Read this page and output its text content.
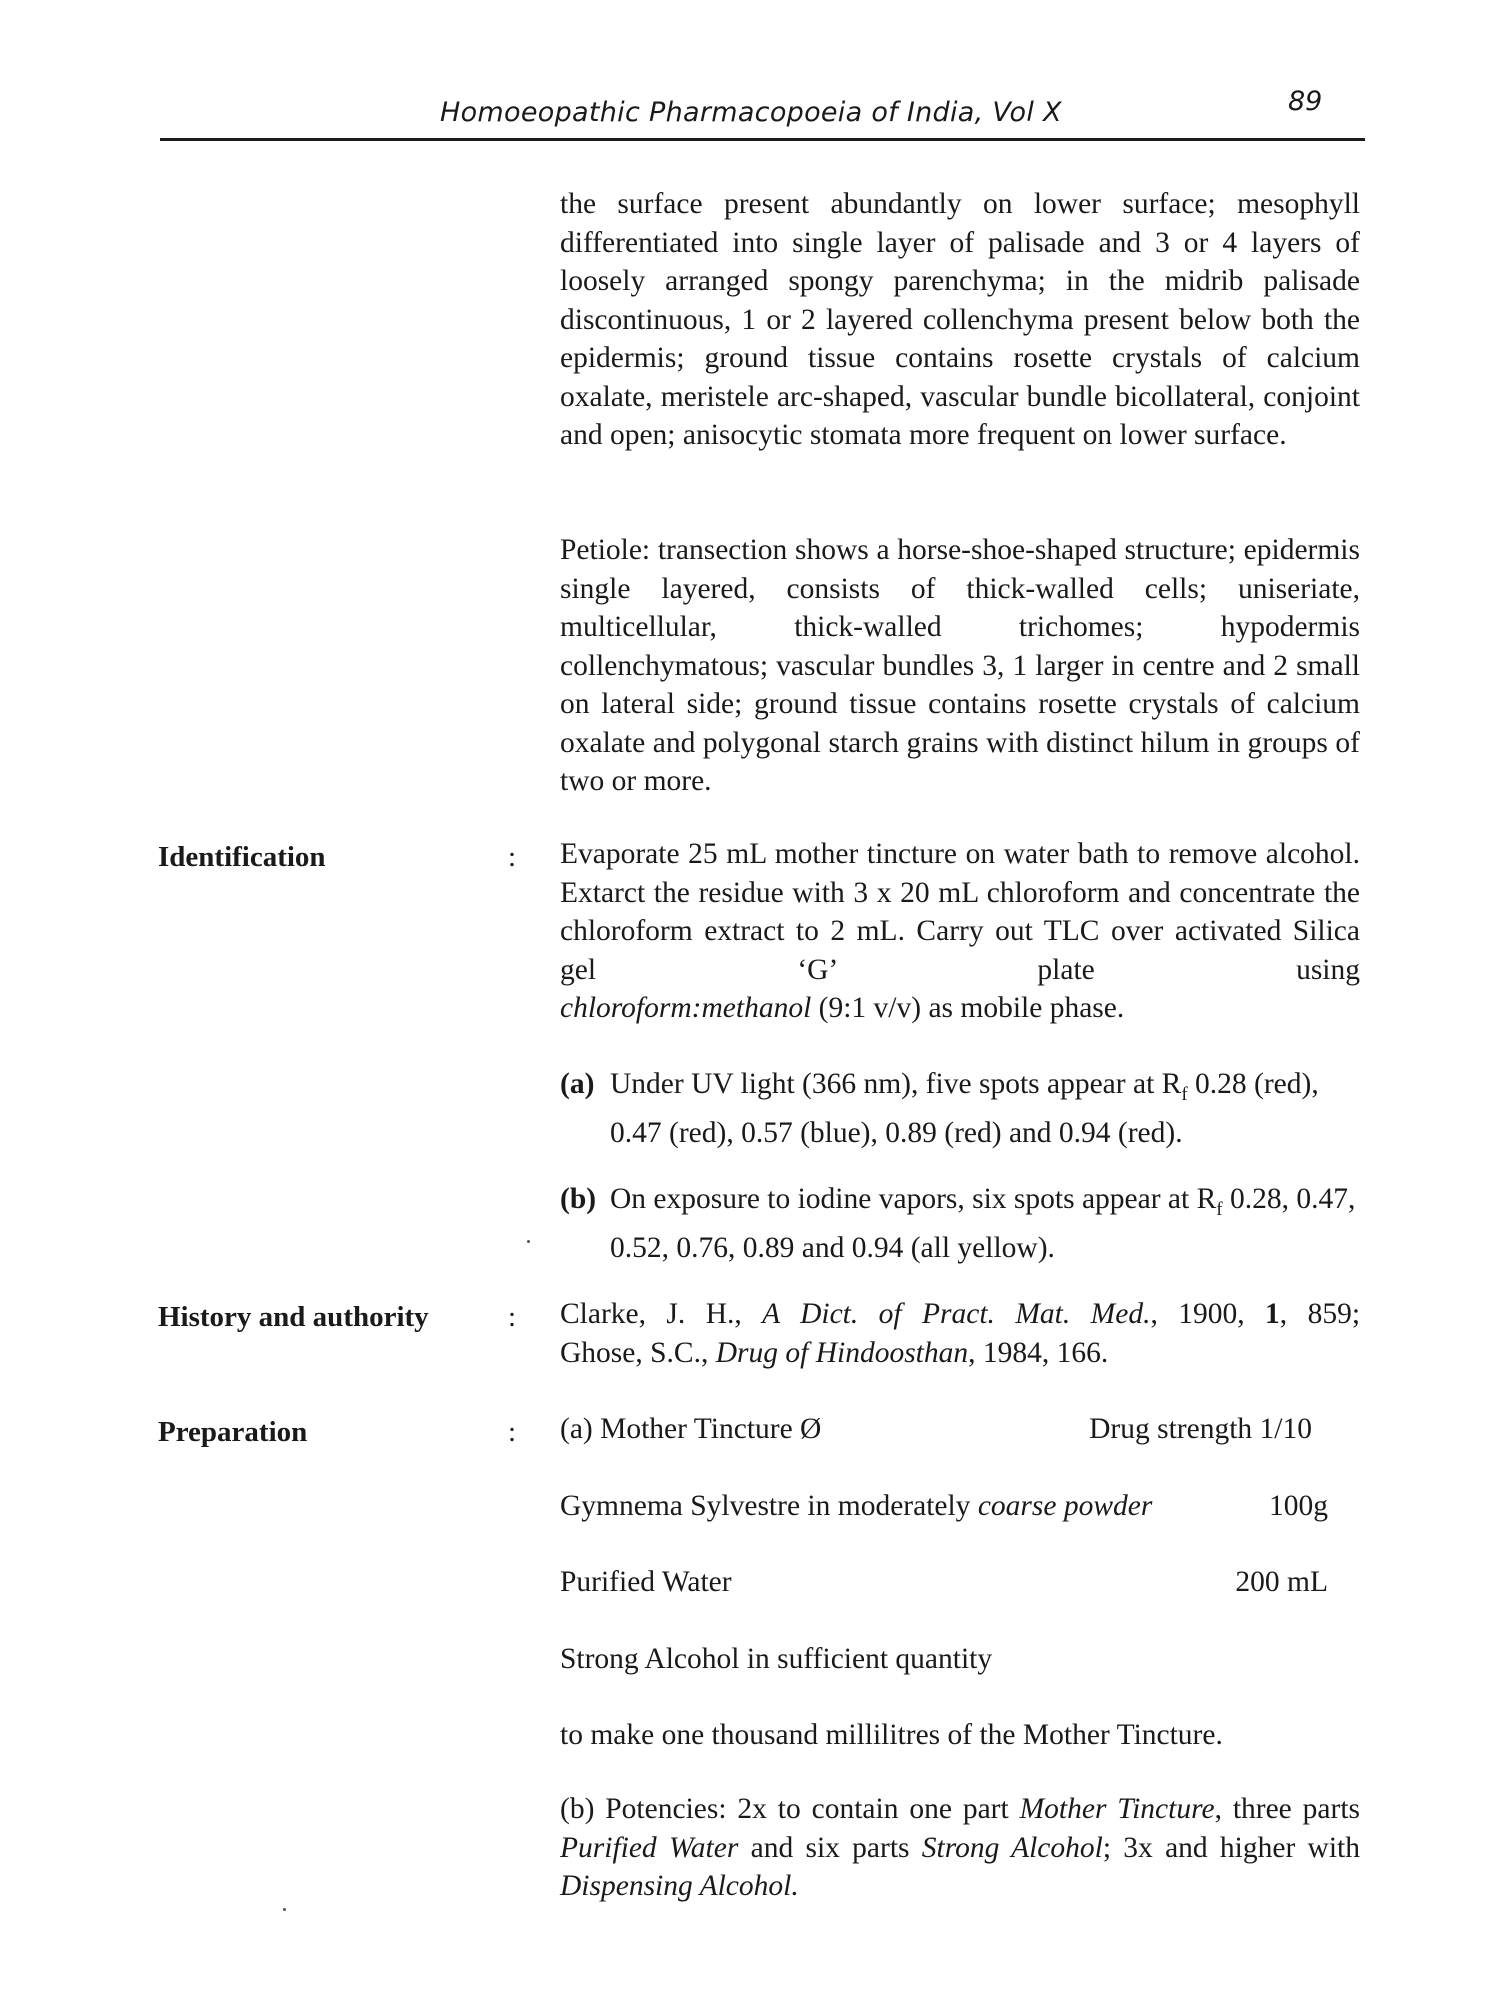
Homoeopathic Pharmacopoeia of India, Vol X	89
the surface present abundantly on lower surface; mesophyll differentiated into single layer of palisade and 3 or 4 layers of loosely arranged spongy parenchyma; in the midrib palisade discontinuous, 1 or 2 layered collenchyma present below both the epidermis; ground tissue contains rosette crystals of calcium oxalate, meristele arc-shaped, vascular bundle bicollateral, conjoint and open; anisocytic stomata more frequent on lower surface.
Petiole: transection shows a horse-shoe-shaped structure; epidermis single layered, consists of thick-walled cells; uniseriate, multicellular, thick-walled trichomes; hypodermis collenchymatous; vascular bundles 3, 1 larger in centre and 2 small on lateral side; ground tissue contains rosette crystals of calcium oxalate and polygonal starch grains with distinct hilum in groups of two or more.
Identification	: Evaporate 25 mL mother tincture on water bath to remove alcohol. Extarct the residue with 3 x 20 mL chloroform and concentrate the chloroform extract to 2 mL. Carry out TLC over activated Silica gel ‘G’ plate using
chloroform:methanol (9:1 v/v) as mobile phase.
(a) Under UV light (366 nm), five spots appear at $R_f$ 0.28 (red), 0.47 (red), 0.57 (blue), 0.89 (red) and 0.94 (red).
(b) On exposure to iodine vapors, six spots appear at $R_f$ 0.28, 0.47, 0.52, 0.76, 0.89 and 0.94 (all yellow).
History and authority	: Clarke, J. H., A Dict. of Pract. Mat. Med., 1900, 1, 859;
Ghose, S.C., Drug of Hindoosthan, 1984, 166.
Preparation	: (a) Mother Tincture Ø	Drug strength 1/10
Gymnema Sylvestre in moderately coarse powder	100g
Purified Water	200 mL
Strong Alcohol in sufficient quantity
to make one thousand millilitres of the Mother Tincture.
(b) Potencies: 2x to contain one part Mother Tincture, three parts Purified Water and six parts Strong Alcohol; 3x and higher with Dispensing Alcohol.
